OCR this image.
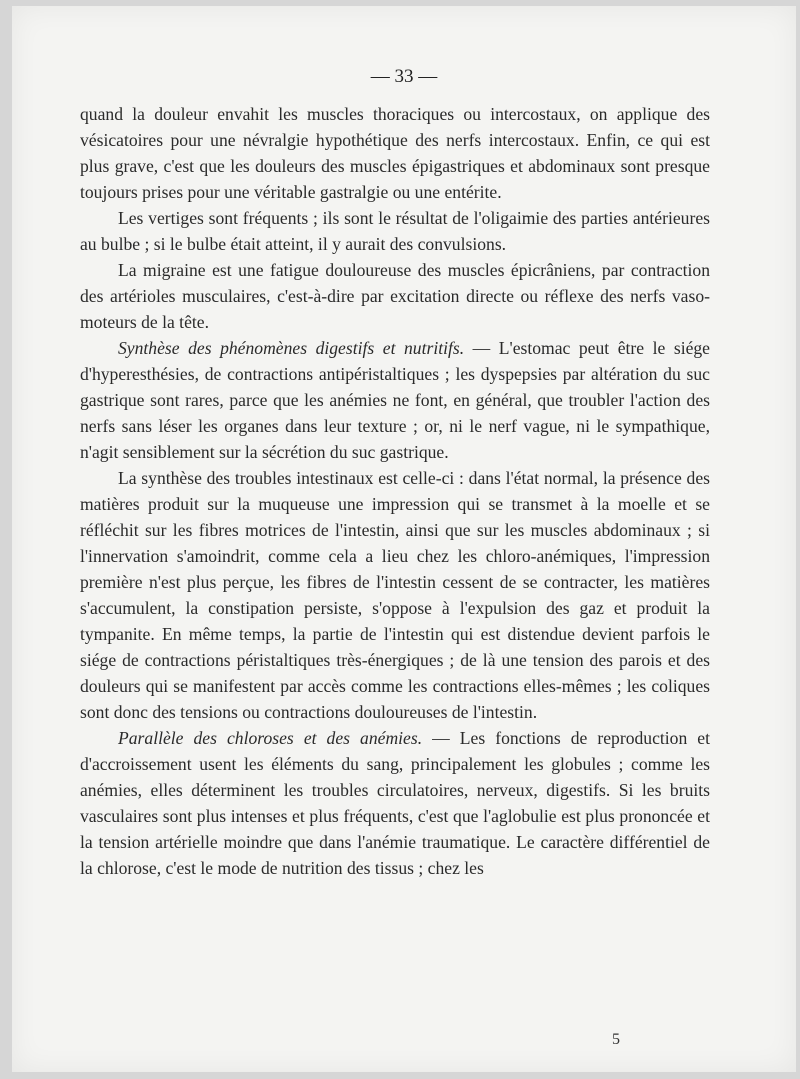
— 33 —

quand la douleur envahit les muscles thoraciques ou intercostaux, on applique des vésicatoires pour une névralgie hypothétique des nerfs intercostaux. Enfin, ce qui est plus grave, c'est que les douleurs des muscles épigastriques et abdominaux sont presque toujours prises pour une véritable gastralgie ou une entérite.

Les vertiges sont fréquents ; ils sont le résultat de l'oligaimie des parties antérieures au bulbe ; si le bulbe était atteint, il y aurait des convulsions.

La migraine est une fatigue douloureuse des muscles épicrâniens, par contraction des artérioles musculaires, c'est-à-dire par excitation directe ou réflexe des nerfs vaso-moteurs de la tête.

Synthèse des phénomènes digestifs et nutritifs. — L'estomac peut être le siége d'hyperesthésies, de contractions antipéristaltiques ; les dyspepsies par altération du suc gastrique sont rares, parce que les anémies ne font, en général, que troubler l'action des nerfs sans léser les organes dans leur texture ; or, ni le nerf vague, ni le sympathique, n'agit sensiblement sur la sécrétion du suc gastrique.

La synthèse des troubles intestinaux est celle-ci : dans l'état normal, la présence des matières produit sur la muqueuse une impression qui se transmet à la moelle et se réfléchit sur les fibres motrices de l'intestin, ainsi que sur les muscles abdominaux ; si l'innervation s'amoindrit, comme cela a lieu chez les chloro-anémiques, l'impression première n'est plus perçue, les fibres de l'intestin cessent de se contracter, les matières s'accumulent, la constipation persiste, s'oppose à l'expulsion des gaz et produit la tympanite. En même temps, la partie de l'intestin qui est distendue devient parfois le siége de contractions péristaltiques très-énergiques ; de là une tension des parois et des douleurs qui se manifestent par accès comme les contractions elles-mêmes ; les coliques sont donc des tensions ou contractions douloureuses de l'intestin.

Parallèle des chloroses et des anémies. — Les fonctions de reproduction et d'accroissement usent les éléments du sang, principalement les globules ; comme les anémies, elles déterminent les troubles circulatoires, nerveux, digestifs. Si les bruits vasculaires sont plus intenses et plus fréquents, c'est que l'aglobulie est plus prononcée et la tension artérielle moindre que dans l'anémie traumatique. Le caractère différentiel de la chlorose, c'est le mode de nutrition des tissus ; chez les

5
